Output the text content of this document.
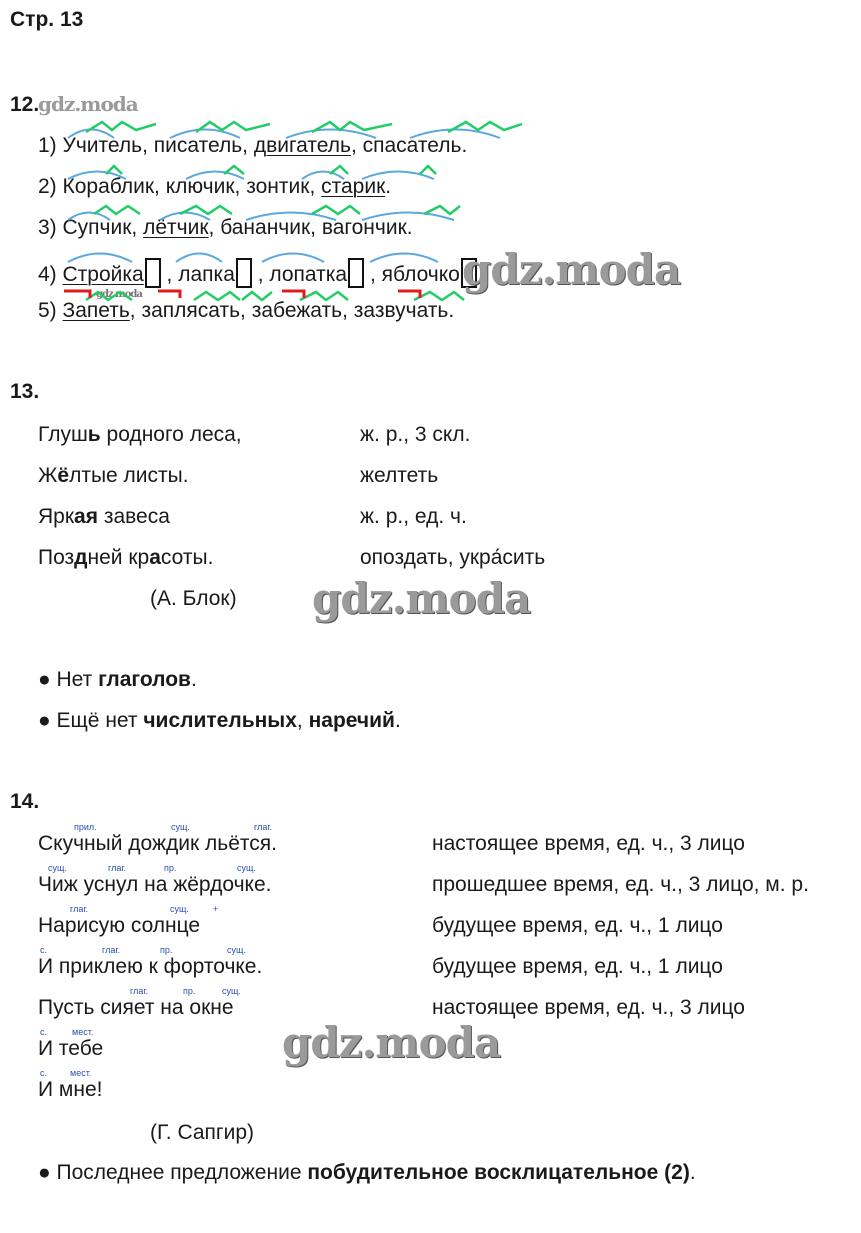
Стр. 13
12.
gdz.moda
1) Учитель, писатель, двигатель, спасатель.
2) Кораблик, ключик, зонтик, старик.
3) Супчик, лётчик, бананчик, вагончик.
4) Стройка , лапка , лопатка , яблочко gdz.moda
gdz.moda
5) Запеть, заплясать, забежать, зазвучать.
13.
Глушь родного леса,	ж. р., 3 скл.
Жёлтые листы.	желтеть
Яркая завеса	ж. р., ед. ч.
Поздней красоты.	опоздать, укра́сить
(А. Блок) gdz.moda
● Нет глаголов.
● Ещё нет числительных, наречий.
14.
прил.	сущ.	глаг.
Скучный дождик льётся.	настоящее время, ед. ч., 3 лицо
сущ.	глаг.	пр.	сущ.
Чиж уснул на жёрдочке.	прошедшее время, ед. ч., 3 лицо, м. р.
глаг.	сущ.	+
Нарисую солнце	будущее время, ед. ч., 1 лицо
с.	глаг.	пр.	сущ.
И приклею к форточке.	будущее время, ед. ч., 1 лицо
глаг.	пр.	сущ.
Пусть сияет на окне	настоящее время, ед. ч., 3 лицо
gdz.moda
с.	мест.
И тебе
с.	мест.
И мне!
(Г. Сапгир)
● Последнее предложение побудительное восклицательное (2).
